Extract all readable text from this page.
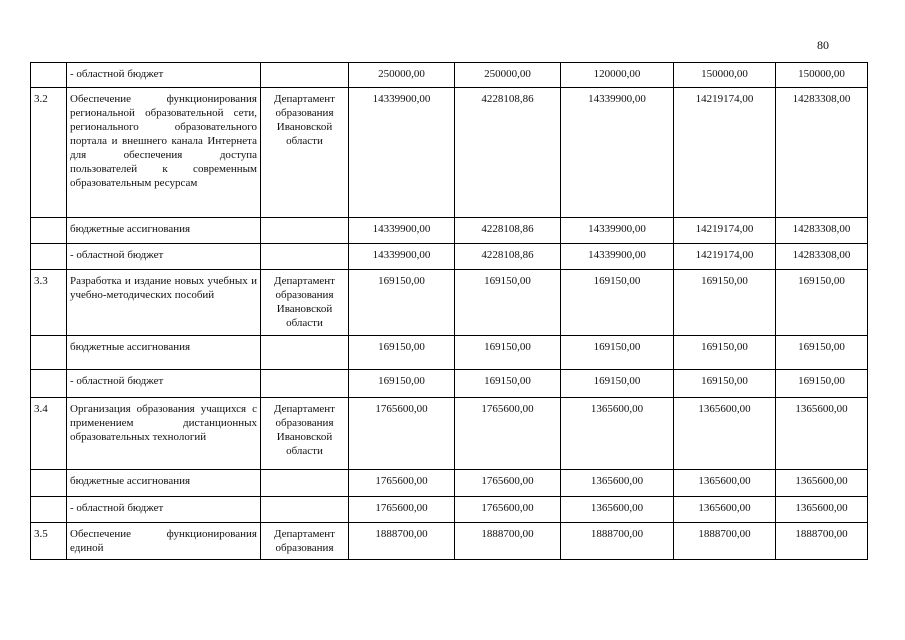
80
	- областной бюджет		250000,00	250000,00	120000,00	150000,00	150000,00
3.2	Обеспечение функционирования региональной образовательной сети, регионального образовательного портала и внешнего канала Интернета для обеспечения доступа пользователей к современным образовательным ресурсам	Департамент образования Ивановской области	14339900,00	4228108,86	14339900,00	14219174,00	14283308,00
	бюджетные ассигнования		14339900,00	4228108,86	14339900,00	14219174,00	14283308,00
	- областной бюджет		14339900,00	4228108,86	14339900,00	14219174,00	14283308,00
3.3	Разработка и издание новых учебных и учебно-методических пособий	Департамент образования Ивановской области	169150,00	169150,00	169150,00	169150,00	169150,00
	бюджетные ассигнования		169150,00	169150,00	169150,00	169150,00	169150,00
	- областной бюджет		169150,00	169150,00	169150,00	169150,00	169150,00
3.4	Организация образования учащихся с применением дистанционных образовательных технологий	Департамент образования Ивановской области	1765600,00	1765600,00	1365600,00	1365600,00	1365600,00
	бюджетные ассигнования		1765600,00	1765600,00	1365600,00	1365600,00	1365600,00
	- областной бюджет		1765600,00	1765600,00	1365600,00	1365600,00	1365600,00
3.5	Обеспечение функционирования единой	Департамент образования	1888700,00	1888700,00	1888700,00	1888700,00	1888700,00
